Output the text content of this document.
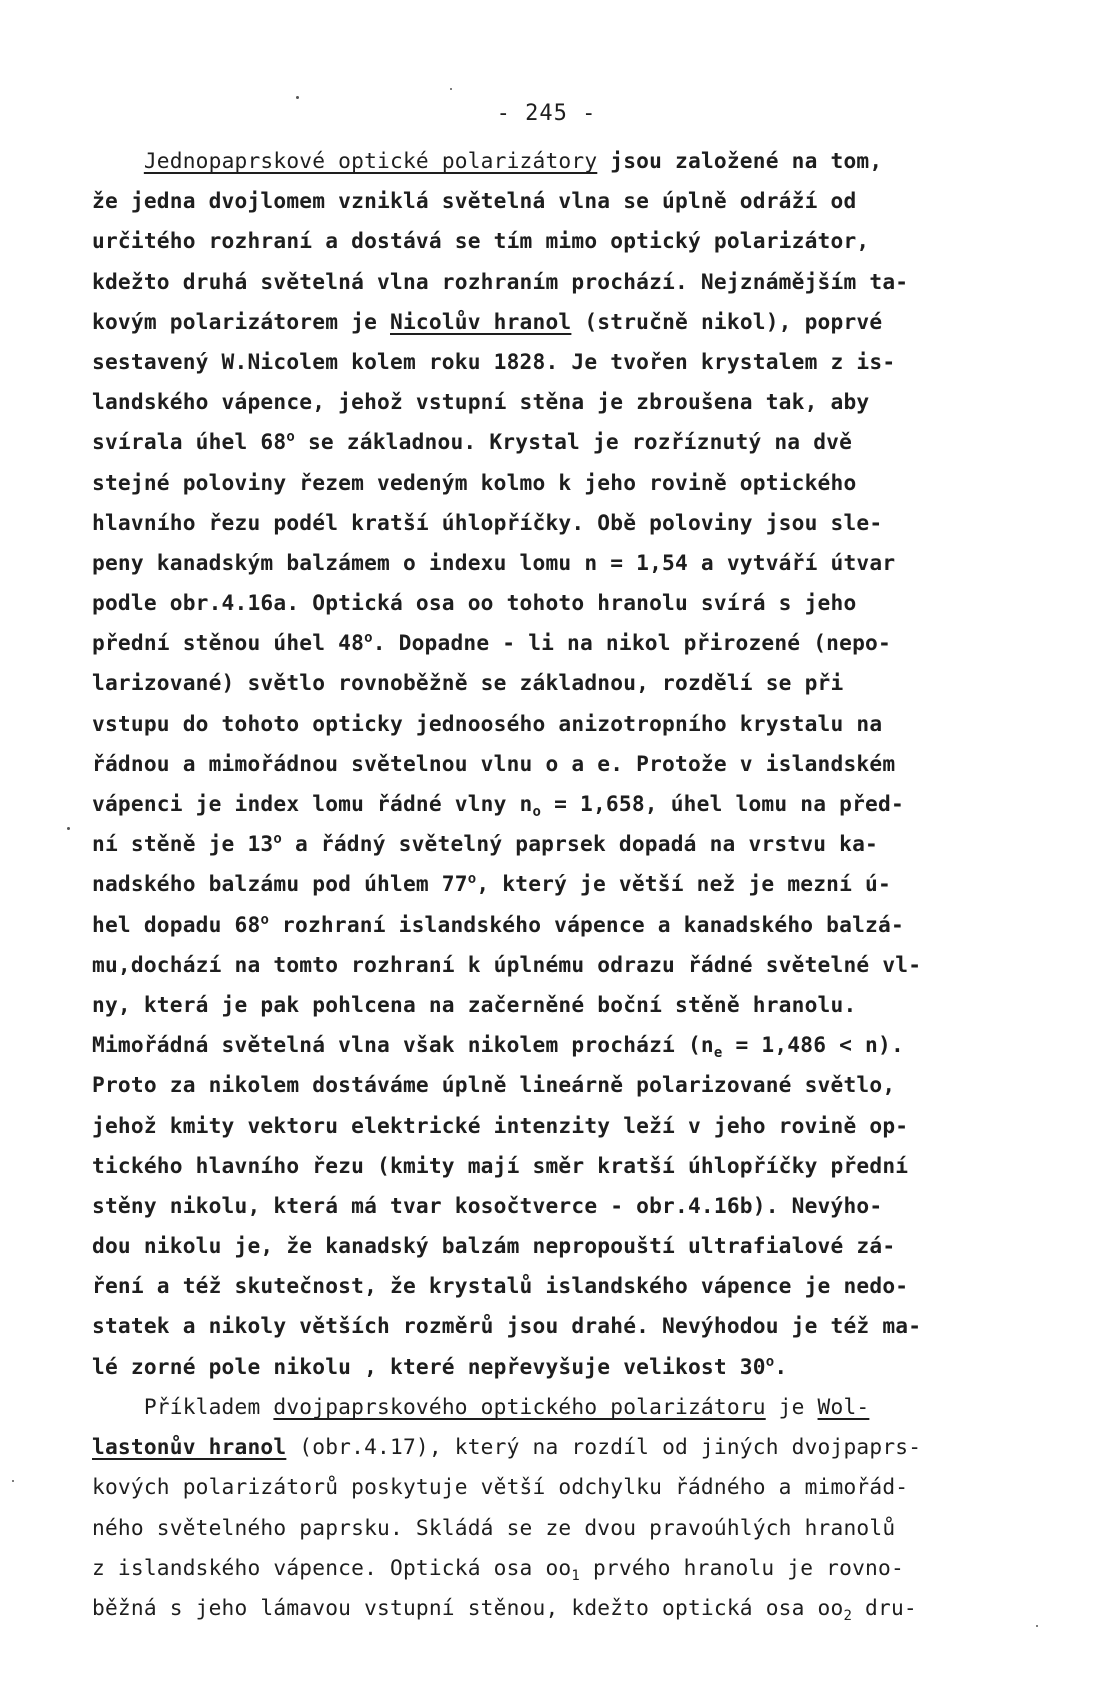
- 245 -
Jednopaprskové optické polarizátory jsou založené na tom,
že jedna dvojlomem vzniklá světelná vlna se úplně odráží od
určitého rozhraní a dostává se tím mimo optický polarizátor,
kdežto druhá světelná vlna rozhraním prochází. Nejznámějším ta-
kovým polarizátorem je Nicolův hranol (stručně nikol), poprvé
sestavený W.Nicolem kolem roku 1828. Je tvořen krystalem z is-
landského vápence, jehož vstupní stěna je zbroušena tak, aby
svírala úhel 68$^o$ se základnou. Krystal je rozříznutý na dvě
stejné poloviny řezem vedeným kolmo k jeho rovině optického
hlavního řezu podél kratší úhlopříčky. Obě poloviny jsou sle-
peny kanadským balzámem o indexu lomu n = 1,54 a vytváří útvar
podle obr.4.16a. Optická osa oo tohoto hranolu svírá s jeho
přední stěnou úhel 48$^o$. Dopadne - li na nikol přirozené (nepo-
larizované) světlo rovnoběžně se základnou, rozdělí se při
vstupu do tohoto opticky jednoosého anizotropního krystalu na
řádnou a mimořádnou světelnou vlnu o a e. Protože v islandském
vápenci je index lomu řádné vlny $n_o = 1,658$, úhel lomu na před-
ní stěně je 13$^o$ a řádný světelný paprsek dopadá na vrstvu ka-
nadského balzámu pod úhlem 77$^o$, který je větší než je mezní ú-
hel dopadu 68$^o$ rozhraní islandského vápence a kanadského balzá-
mu,dochází na tomto rozhraní k úplnému odrazu řádné světelné vl-
ny, která je pak pohlcena na začerněné boční stěně hranolu.
Mimořádná světelná vlna však nikolem prochází $(n_e = 1,486 < n)$.
Proto za nikolem dostáváme úplně lineárně polarizované světlo,
jehož kmity vektoru elektrické intenzity leží v jeho rovině op-
tického hlavního řezu (kmity mají směr kratší úhlopříčky přední
stěny nikolu, která má tvar kosočtverce - obr.4.16b). Nevýho-
dou nikolu je, že kanadský balzám nepropouští ultrafialové zá-
ření a též skutečnost, že krystalů islandského vápence je nedo-
statek a nikoly větších rozměrů jsou drahé. Nevýhodou je též ma-
lé zorné pole nikolu , které nepřevyšuje velikost 30$^o$.
Příkladem dvojpaprskového optického polarizátoru je Wol-
lastonův hranol (obr.4.17), který na rozdíl od jiných dvojpaprs-
kových polarizátorů poskytuje větší odchylku řádného a mimořád-
ného světelného paprsku. Skládá se ze dvou pravoúhlých hranolů
z islandského vápence. Optická osa $oo_1$ prvého hranolu je rovno-
běžná s jeho lámavou vstupní stěnou, kdežto optická osa $oo_2$ dru-
